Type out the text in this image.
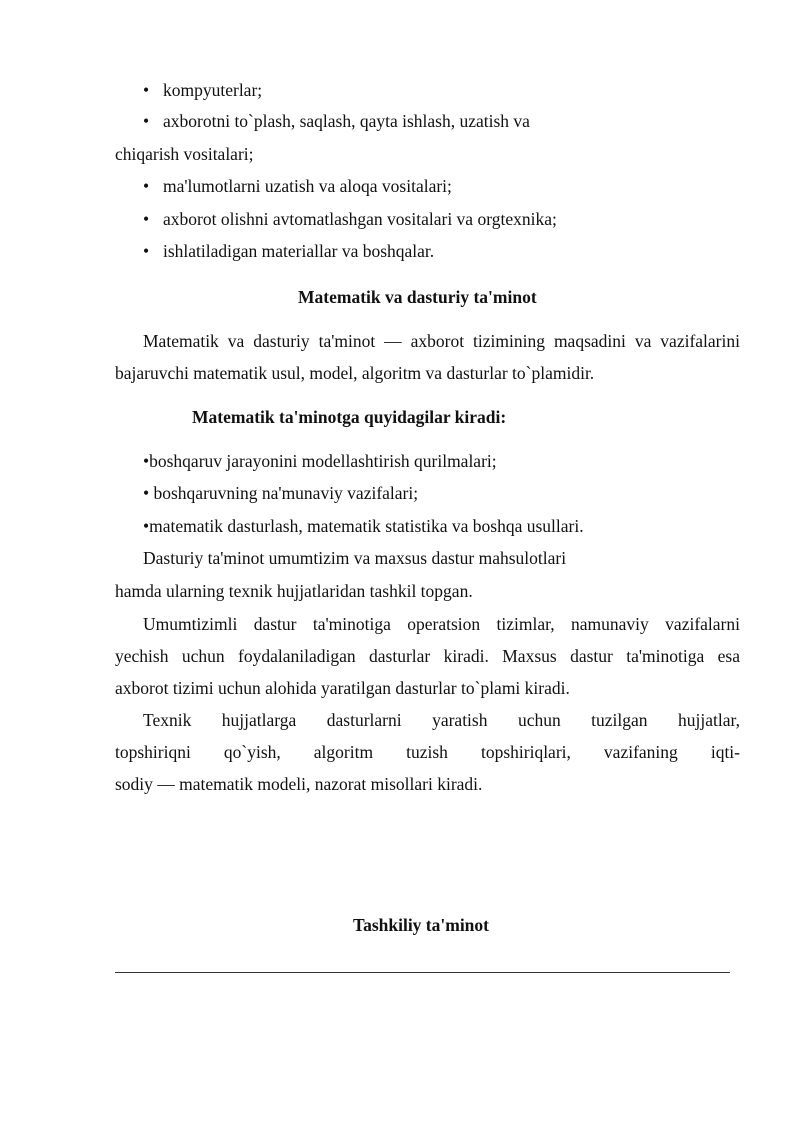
• kompyuterlar;
• axborotni to`plash, saqlash, qayta ishlash, uzatish va
chiqarish vositalari;
• ma'lumotlarni uzatish va aloqa vositalari;
• axborot olishni avtomatlashgan vositalari va orgtexnika;
• ishlatiladigan materiallar va boshqalar.
Matematik va dasturiy ta'minot
Matematik va dasturiy ta'minot — axborot tizimining maqsadini va vazifalarini
bajaruvchi matematik usul, model, algoritm va dasturlar to`plamidir.
Matematik ta'minotga quyidagilar kiradi:
•boshqaruv jarayonini modellashtirish qurilmalari;
• boshqaruvning na'munaviy vazifalari;
•matematik dasturlash, matematik statistika va boshqa usullari.
Dasturiy ta'minot umumtizim va maxsus dastur mahsulotlari
hamda ularning texnik hujjatlaridan tashkil topgan.
Umumtizimli dastur ta'minotiga operatsion tizimlar, namunaviy vazifalarni
yechish uchun foydalaniladigan dasturlar kiradi. Maxsus dastur ta'minotiga esa
axborot tizimi uchun alohida yaratilgan dasturlar to`plami kiradi.
Texnik hujjatlarga dasturlarni yaratish uchun tuzilgan hujjatlar,
topshiriqni qo`yish, algoritm tuzish topshiriqlari, vazifaning iqti-
sodiy — matematik modeli, nazorat misollari kiradi.
Tashkiliy ta'minot
